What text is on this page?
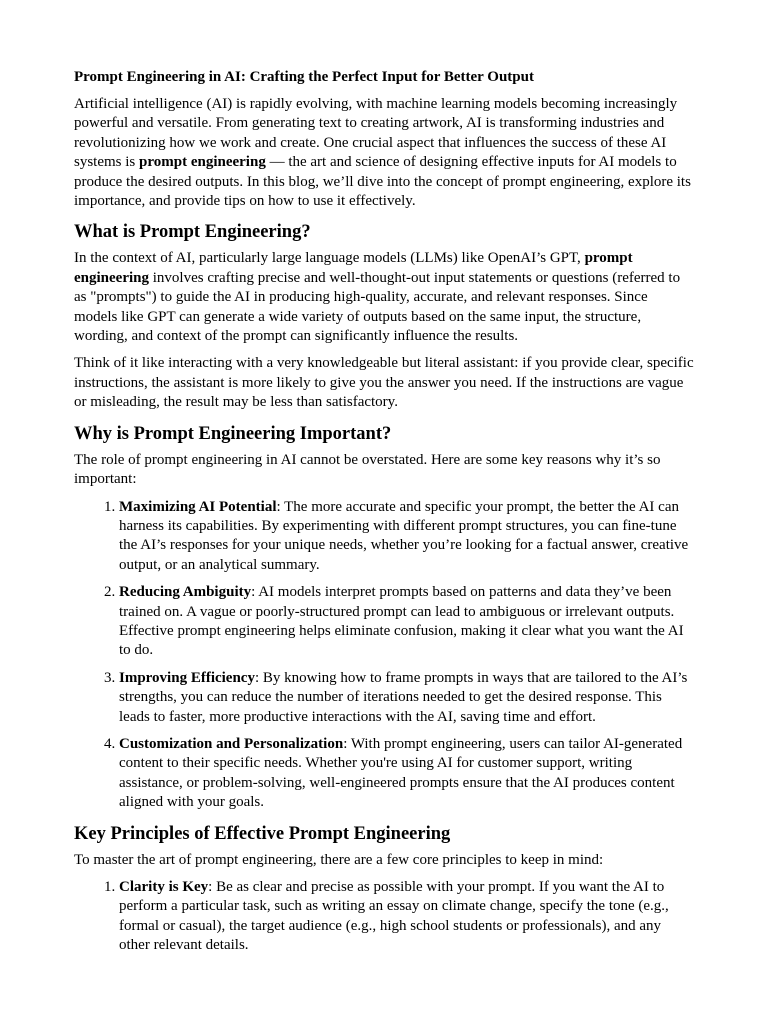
Prompt Engineering in AI: Crafting the Perfect Input for Better Output

Artificial intelligence (AI) is rapidly evolving, with machine learning models becoming increasingly powerful and versatile. From generating text to creating artwork, AI is transforming industries and revolutionizing how we work and create. One crucial aspect that influences the success of these AI systems is prompt engineering — the art and science of designing effective inputs for AI models to produce the desired outputs. In this blog, we’ll dive into the concept of prompt engineering, explore its importance, and provide tips on how to use it effectively.

What is Prompt Engineering?

In the context of AI, particularly large language models (LLMs) like OpenAI’s GPT, prompt engineering involves crafting precise and well-thought-out input statements or questions (referred to as "prompts") to guide the AI in producing high-quality, accurate, and relevant responses. Since models like GPT can generate a wide variety of outputs based on the same input, the structure, wording, and context of the prompt can significantly influence the results.

Think of it like interacting with a very knowledgeable but literal assistant: if you provide clear, specific instructions, the assistant is more likely to give you the answer you need. If the instructions are vague or misleading, the result may be less than satisfactory.

Why is Prompt Engineering Important?

The role of prompt engineering in AI cannot be overstated. Here are some key reasons why it’s so important:

1. Maximizing AI Potential: The more accurate and specific your prompt, the better the AI can harness its capabilities. By experimenting with different prompt structures, you can fine-tune the AI’s responses for your unique needs, whether you’re looking for a factual answer, creative output, or an analytical summary.
2. Reducing Ambiguity: AI models interpret prompts based on patterns and data they’ve been trained on. A vague or poorly-structured prompt can lead to ambiguous or irrelevant outputs. Effective prompt engineering helps eliminate confusion, making it clear what you want the AI to do.
3. Improving Efficiency: By knowing how to frame prompts in ways that are tailored to the AI’s strengths, you can reduce the number of iterations needed to get the desired response. This leads to faster, more productive interactions with the AI, saving time and effort.
4. Customization and Personalization: With prompt engineering, users can tailor AI-generated content to their specific needs. Whether you're using AI for customer support, writing assistance, or problem-solving, well-engineered prompts ensure that the AI produces content aligned with your goals.
Key Principles of Effective Prompt Engineering

To master the art of prompt engineering, there are a few core principles to keep in mind:

1. Clarity is Key: Be as clear and precise as possible with your prompt. If you want the AI to perform a particular task, such as writing an essay on climate change, specify the tone (e.g., formal or casual), the target audience (e.g., high school students or professionals), and any other relevant details.
